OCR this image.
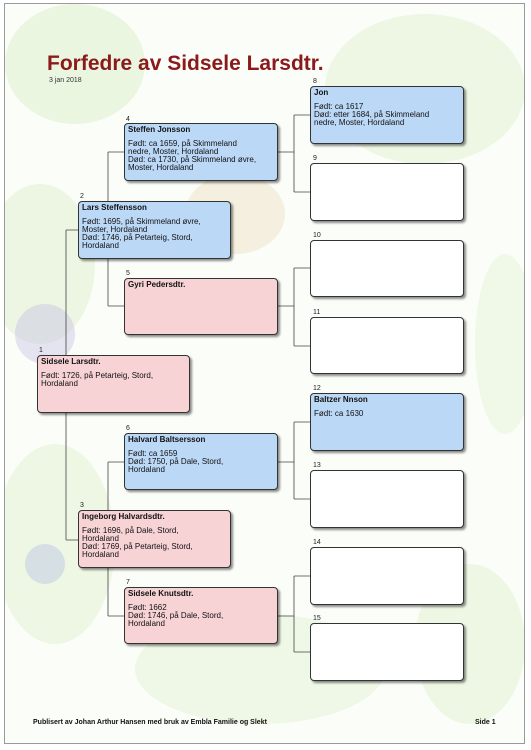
Forfedre av Sidsele Larsdtr.
3 jan 2018
1
Sidsele Larsdtr.
Født: 1726, på Petarteig, Stord,
Hordaland
2
Lars Steffensson
Født: 1695, på Skimmeland øvre,
Moster, Hordaland
Død: 1746, på Petarteig, Stord,
Hordaland
3
Ingeborg Halvardsdtr.
Født: 1696, på Dale, Stord,
Hordaland
Død: 1769, på Petarteig, Stord,
Hordaland
4
Steffen Jonsson
Født: ca 1659, på Skimmeland
nedre, Moster, Hordaland
Død: ca 1730, på Skimmeland øvre,
Moster, Hordaland
5
Gyri Pedersdtr.
6
Halvard Baltsersson
Født: ca 1659
Død: 1750, på Dale, Stord,
Hordaland
7
Sidsele Knutsdtr.
Født: 1662
Død: 1746, på Dale, Stord,
Hordaland
8
Jon
Født: ca 1617
Død: etter 1684, på Skimmeland
nedre, Moster, Hordaland
9
10
11
12
Baltzer Nnson
Født: ca 1630
13
14
15
Publisert av Johan Arthur Hansen med bruk av Embla Familie og Slekt	Side 1
